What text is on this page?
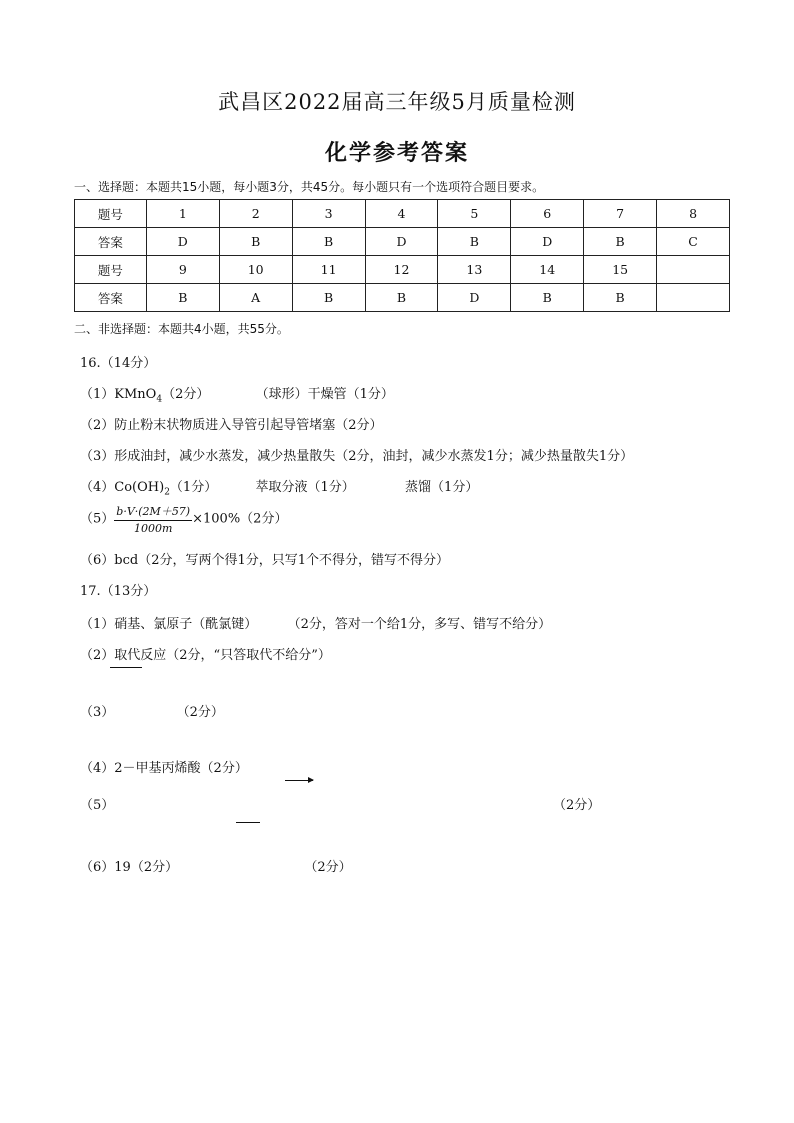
武昌区2022届高三年级5月质量检测
化学参考答案
一、选择题：本题共15小题，每小题3分，共45分。每小题只有一个选项符合题目要求。
题号	1	2	3	4	5	6	7	8
答案	D	B	B	D	B	D	B	C
题号	9	10	11	12	13	14	15	
答案	B	A	B	B	D	B	B	
二、非选择题：本题共4小题，共55分。
16.（14分）
（1）KMnO$_4$（2分）	（球形）干燥管（1分）
（2）防止粉末状物质进入导管引起导管堵塞（2分）
（3）形成油封，减少水蒸发，减少热量散失（2分，油封，减少水蒸发1分；减少热量散失1分）
$(4)Co(OH)_2(1$分）	萃取分液（1分）	蒸馏（1分）
$(5) \frac{b\cdot V\cdot(2M+57)}{1000m} \times 100\%(2$分）
（6）bcd（2分，写两个得1分，只写1个不得分，错写不得分）
17.（13分）
（1）硝基、氯原子（酰氯键） （2分，答对一个给1分，多写、错写不给分）
（2）取代反应（2分，“只答取代不给分”）
（3）	（2分）
（4）2－甲基丙烯酸（2分）
（5）	（2分）
（6）19（2分）	（2分）
